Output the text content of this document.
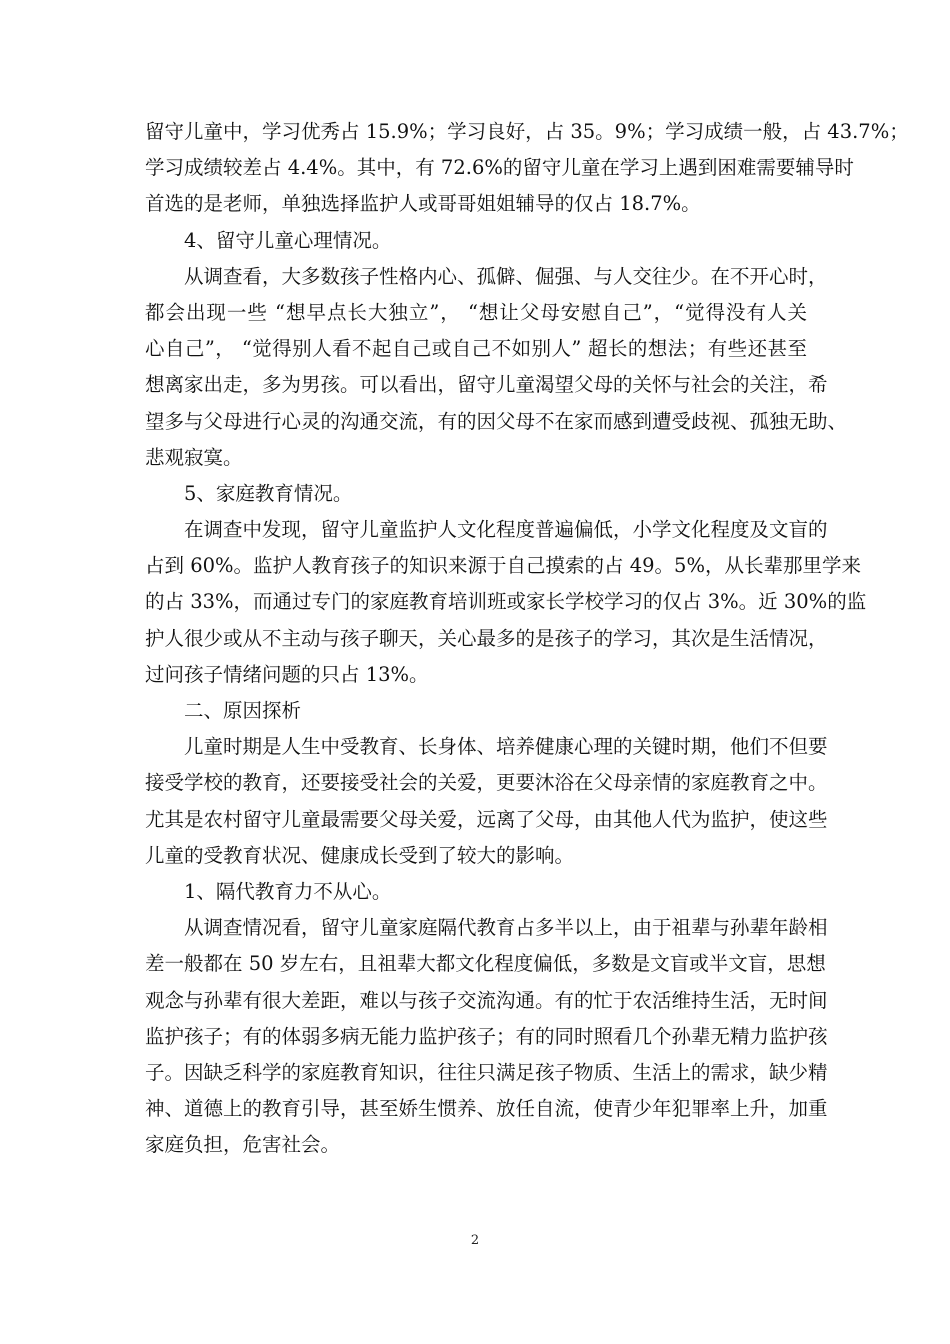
留守儿童中，学习优秀占 15.9%；学习良好，占 35。9%；学习成绩一般，占 43.7%；
学习成绩较差占 4.4%。其中，有 72.6%的留守儿童在学习上遇到困难需要辅导时
首选的是老师，单独选择监护人或哥哥姐姐辅导的仅占 18.7%。
4、留守儿童心理情况。
从调查看，大多数孩子性格内心、孤僻、倔强、与人交往少。在不开心时，
都会出现一些 “想早点长大独立”， “想让父母安慰自己”，“觉得没有人关
心自己”， “觉得别人看不起自己或自己不如别人” 超长的想法；有些还甚至
想离家出走，多为男孩。可以看出，留守儿童渴望父母的关怀与社会的关注，希
望多与父母进行心灵的沟通交流，有的因父母不在家而感到遭受歧视、孤独无助、
悲观寂寞。
5、家庭教育情况。
在调查中发现，留守儿童监护人文化程度普遍偏低，小学文化程度及文盲的
占到 60%。监护人教育孩子的知识来源于自己摸索的占 49。5%，从长辈那里学来
的占 33%，而通过专门的家庭教育培训班或家长学校学习的仅占 3%。近 30%的监
护人很少或从不主动与孩子聊天，关心最多的是孩子的学习，其次是生活情况，
过问孩子情绪问题的只占 13%。
二、原因探析
儿童时期是人生中受教育、长身体、培养健康心理的关键时期，他们不但要
接受学校的教育，还要接受社会的关爱，更要沐浴在父母亲情的家庭教育之中。
尤其是农村留守儿童最需要父母关爱，远离了父母，由其他人代为监护，使这些
儿童的受教育状况、健康成长受到了较大的影响。
1、隔代教育力不从心。
从调查情况看，留守儿童家庭隔代教育占多半以上，由于祖辈与孙辈年龄相
差一般都在 50 岁左右，且祖辈大都文化程度偏低，多数是文盲或半文盲，思想
观念与孙辈有很大差距，难以与孩子交流沟通。有的忙于农活维持生活，无时间
监护孩子；有的体弱多病无能力监护孩子；有的同时照看几个孙辈无精力监护孩
子。因缺乏科学的家庭教育知识，往往只满足孩子物质、生活上的需求，缺少精
神、道德上的教育引导，甚至娇生惯养、放任自流，使青少年犯罪率上升，加重
家庭负担，危害社会。
2
